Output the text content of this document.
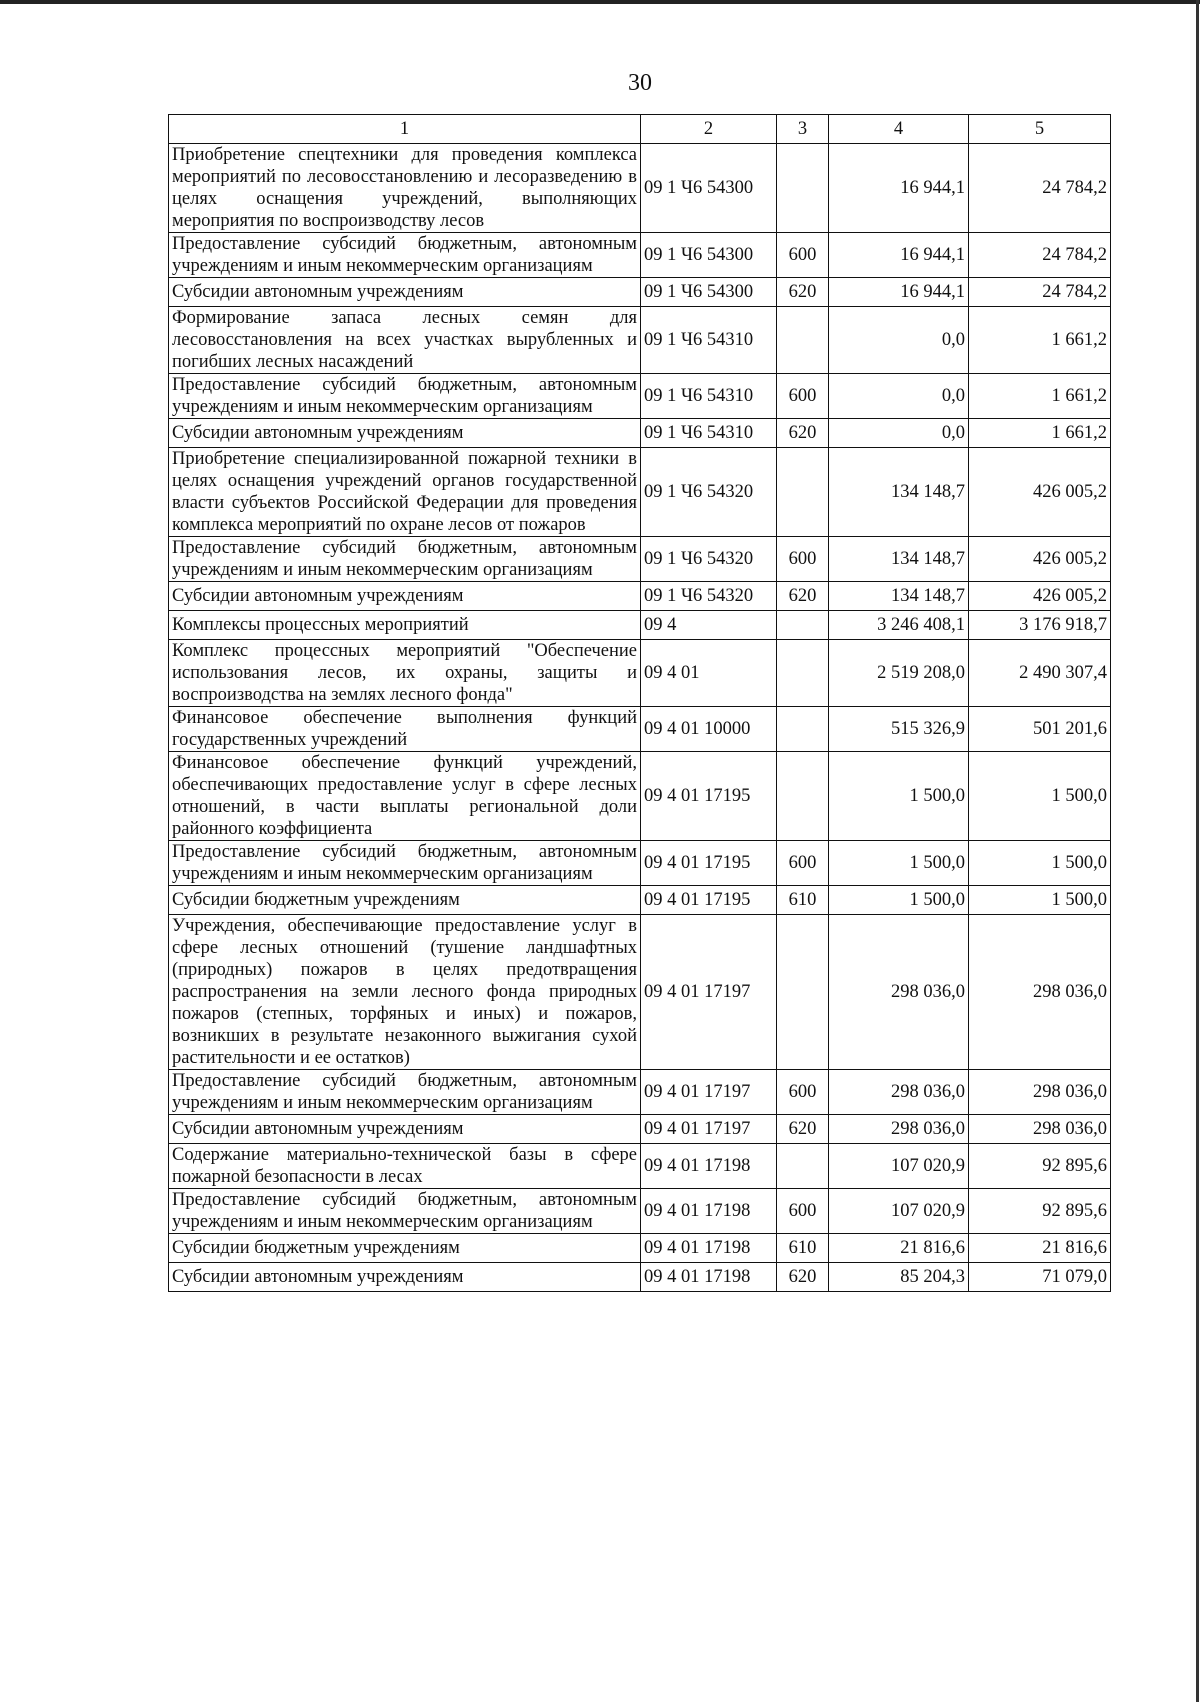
30
1	2	3	4	5
Приобретение спецтехники для проведения комплекса мероприятий по лесовосстановлению и лесоразведению в целях оснащения учреждений, выполняющих мероприятия по воспроизводству лесов	09 1 Ч6 54300		16 944,1	24 784,2
Предоставление субсидий бюджетным, автономным учреждениям и иным некоммерческим организациям	09 1 Ч6 54300	600	16 944,1	24 784,2
Субсидии автономным учреждениям	09 1 Ч6 54300	620	16 944,1	24 784,2
Формирование запаса лесных семян для лесовосстановления на всех участках вырубленных и погибших лесных насаждений	09 1 Ч6 54310		0,0	1 661,2
Предоставление субсидий бюджетным, автономным учреждениям и иным некоммерческим организациям	09 1 Ч6 54310	600	0,0	1 661,2
Субсидии автономным учреждениям	09 1 Ч6 54310	620	0,0	1 661,2
Приобретение специализированной пожарной техники в целях оснащения учреждений органов государственной власти субъектов Российской Федерации для проведения комплекса мероприятий по охране лесов от пожаров	09 1 Ч6 54320		134 148,7	426 005,2
Предоставление субсидий бюджетным, автономным учреждениям и иным некоммерческим организациям	09 1 Ч6 54320	600	134 148,7	426 005,2
Субсидии автономным учреждениям	09 1 Ч6 54320	620	134 148,7	426 005,2
Комплексы процессных мероприятий	09 4		3 246 408,1	3 176 918,7
Комплекс процессных мероприятий "Обеспечение использования лесов, их охраны, защиты и воспроизводства на землях лесного фонда"	09 4 01		2 519 208,0	2 490 307,4
Финансовое обеспечение выполнения функций государственных учреждений	09 4 01 10000		515 326,9	501 201,6
Финансовое обеспечение функций учреждений, обеспечивающих предоставление услуг в сфере лесных отношений, в части выплаты региональной доли районного коэффициента	09 4 01 17195		1 500,0	1 500,0
Предоставление субсидий бюджетным, автономным учреждениям и иным некоммерческим организациям	09 4 01 17195	600	1 500,0	1 500,0
Субсидии бюджетным учреждениям	09 4 01 17195	610	1 500,0	1 500,0
Учреждения, обеспечивающие предоставление услуг в сфере лесных отношений (тушение ландшафтных (природных) пожаров в целях предотвращения распространения на земли лесного фонда природных пожаров (степных, торфяных и иных) и пожаров, возникших в результате незаконного выжигания сухой растительности и ее остатков)	09 4 01 17197		298 036,0	298 036,0
Предоставление субсидий бюджетным, автономным учреждениям и иным некоммерческим организациям	09 4 01 17197	600	298 036,0	298 036,0
Субсидии автономным учреждениям	09 4 01 17197	620	298 036,0	298 036,0
Содержание материально-технической базы в сфере пожарной безопасности в лесах	09 4 01 17198		107 020,9	92 895,6
Предоставление субсидий бюджетным, автономным учреждениям и иным некоммерческим организациям	09 4 01 17198	600	107 020,9	92 895,6
Субсидии бюджетным учреждениям	09 4 01 17198	610	21 816,6	21 816,6
Субсидии автономным учреждениям	09 4 01 17198	620	85 204,3	71 079,0
